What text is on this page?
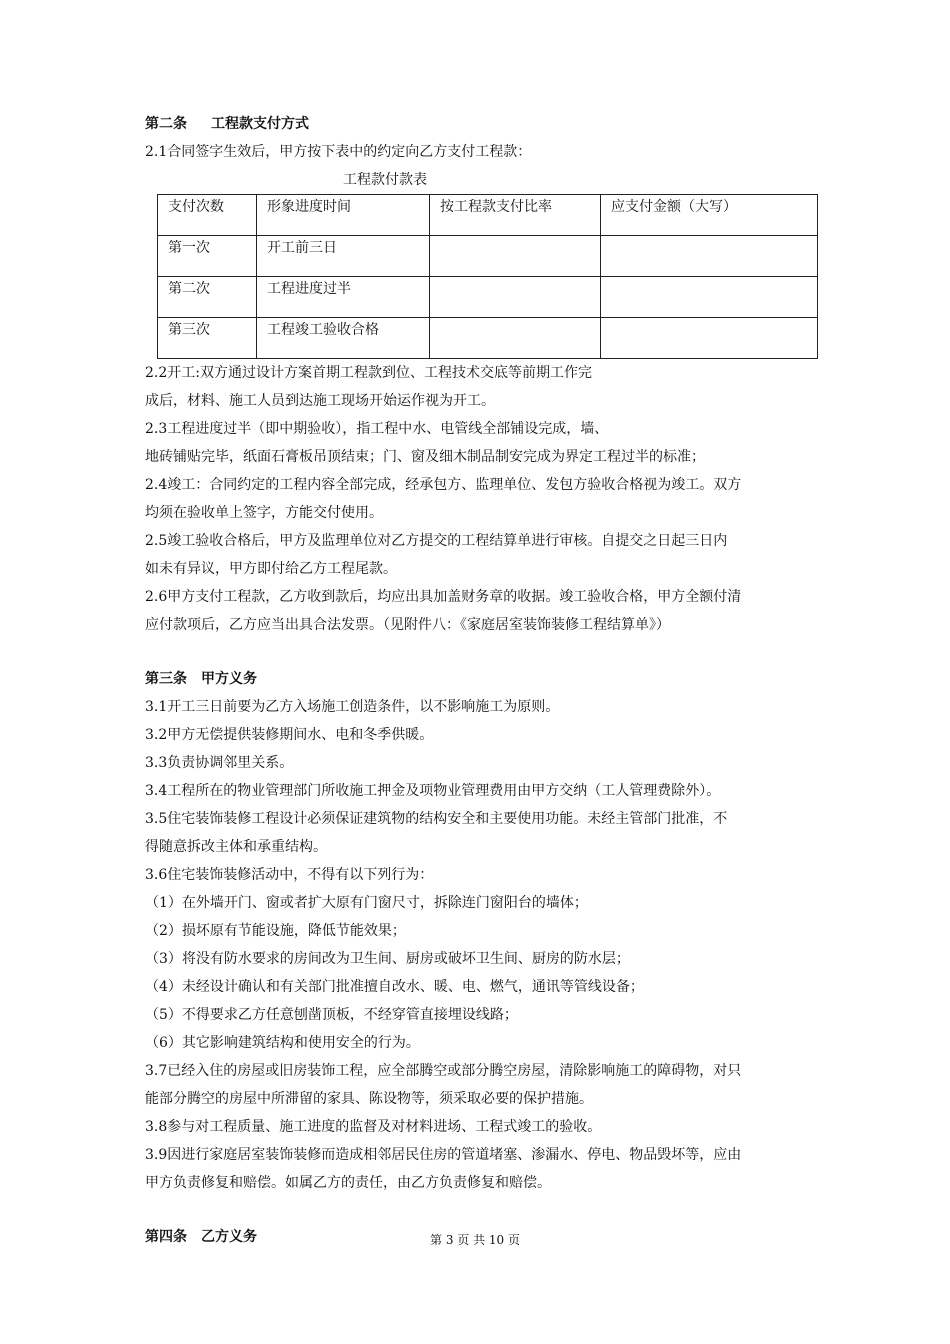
第二条 工程款支付方式

2.1合同签字生效后，甲方按下表中的约定向乙方支付工程款：

工程款付款表

支付次数	形象进度时间	按工程款支付比率	应支付金额（大写）
第一次	开工前三日		
第二次	工程进度过半		
第三次	工程竣工验收合格		

2.2开工:双方通过设计方案首期工程款到位、工程技术交底等前期工作完

成后，材料、施工人员到达施工现场开始运作视为开工。

2.3工程进度过半（即中期验收），指工程中水、电管线全部铺设完成，墙、

地砖铺贴完毕，纸面石膏板吊顶结束；门、窗及细木制品制安完成为界定工程过半的标准；

2.4竣工：合同约定的工程内容全部完成，经承包方、监理单位、发包方验收合格视为竣工。双方

均须在验收单上签字，方能交付使用。

2.5竣工验收合格后，甲方及监理单位对乙方提交的工程结算单进行审核。自提交之日起三日内

如未有异议，甲方即付给乙方工程尾款。

2.6甲方支付工程款，乙方收到款后，均应出具加盖财务章的收据。竣工验收合格，甲方全额付清

应付款项后，乙方应当出具合法发票。（见附件八：《家庭居室装饰装修工程结算单》）

第三条 甲方义务

3.1开工三日前要为乙方入场施工创造条件，以不影响施工为原则。

3.2甲方无偿提供装修期间水、电和冬季供暖。

3.3负责协调邻里关系。

3.4工程所在的物业管理部门所收施工押金及项物业管理费用由甲方交纳（工人管理费除外）。

3.5住宅装饰装修工程设计必须保证建筑物的结构安全和主要使用功能。未经主管部门批准，不

得随意拆改主体和承重结构。

3.6住宅装饰装修活动中，不得有以下列行为：

（1）在外墙开门、窗或者扩大原有门窗尺寸，拆除连门窗阳台的墙体；

（2）损坏原有节能设施，降低节能效果；

（3）将没有防水要求的房间改为卫生间、厨房或破坏卫生间、厨房的防水层；

（4）未经设计确认和有关部门批准擅自改水、暖、电、燃气，通讯等管线设备；

（5）不得要求乙方任意刨凿顶板，不经穿管直接埋设线路；

（6）其它影响建筑结构和使用安全的行为。

3.7已经入住的房屋或旧房装饰工程，应全部腾空或部分腾空房屋，清除影响施工的障碍物，对只

能部分腾空的房屋中所滞留的家具、陈设物等，须采取必要的保护措施。

3.8参与对工程质量、施工进度的监督及对材料进场、工程式竣工的验收。

3.9因进行家庭居室装饰装修而造成相邻居民住房的管道堵塞、渗漏水、停电、物品毁坏等，应由

甲方负责修复和赔偿。如属乙方的责任，由乙方负责修复和赔偿。

第四条 乙方义务	第 3 页 共 10 页
